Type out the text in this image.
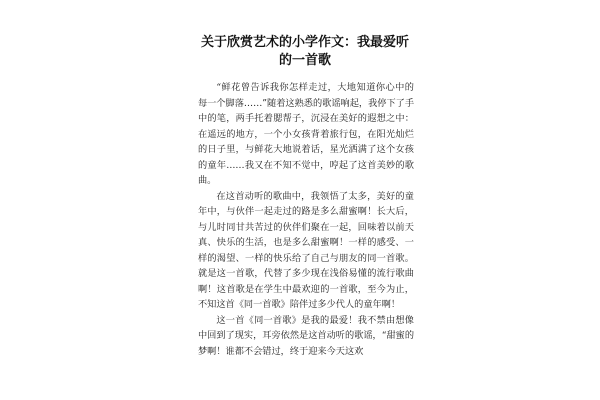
关于欣赏艺术的小学作文：我最爱听
的一首歌

“鲜花曾告诉我你怎样走过，大地知道你心中的每一个脚落……”随着这熟悉的歌谣响起，我停下了手中的笔，两手托着腮帮子，沉浸在美好的遐想之中：在遥远的地方，一个小女孩背着旅行包，在阳光灿烂的日子里，与鲜花大地说着话，星光洒满了这个女孩的童年……我又在不知不觉中，哼起了这首美妙的歌曲。

在这首动听的歌曲中，我领悟了太多，美好的童年中，与伙伴一起走过的路是多么甜蜜啊！长大后，与儿时同甘共苦过的伙伴们聚在一起，回味着以前天真、快乐的生活，也是多么甜蜜啊！一样的感受、一样的渴望、一样的快乐给了自己与朋友的同一首歌。就是这一首歌，代替了多少现在浅俗易懂的流行歌曲啊！这首歌是在学生中最欢迎的一首歌，至今为止，不知这首《同一首歌》陪伴过多少代人的童年啊！

这一首《同一首歌》是我的最爱！我不禁由想像中回到了现实，耳旁依然是这首动听的歌谣，“甜蜜的梦啊！谁都不会错过，终于迎来今天这欢
